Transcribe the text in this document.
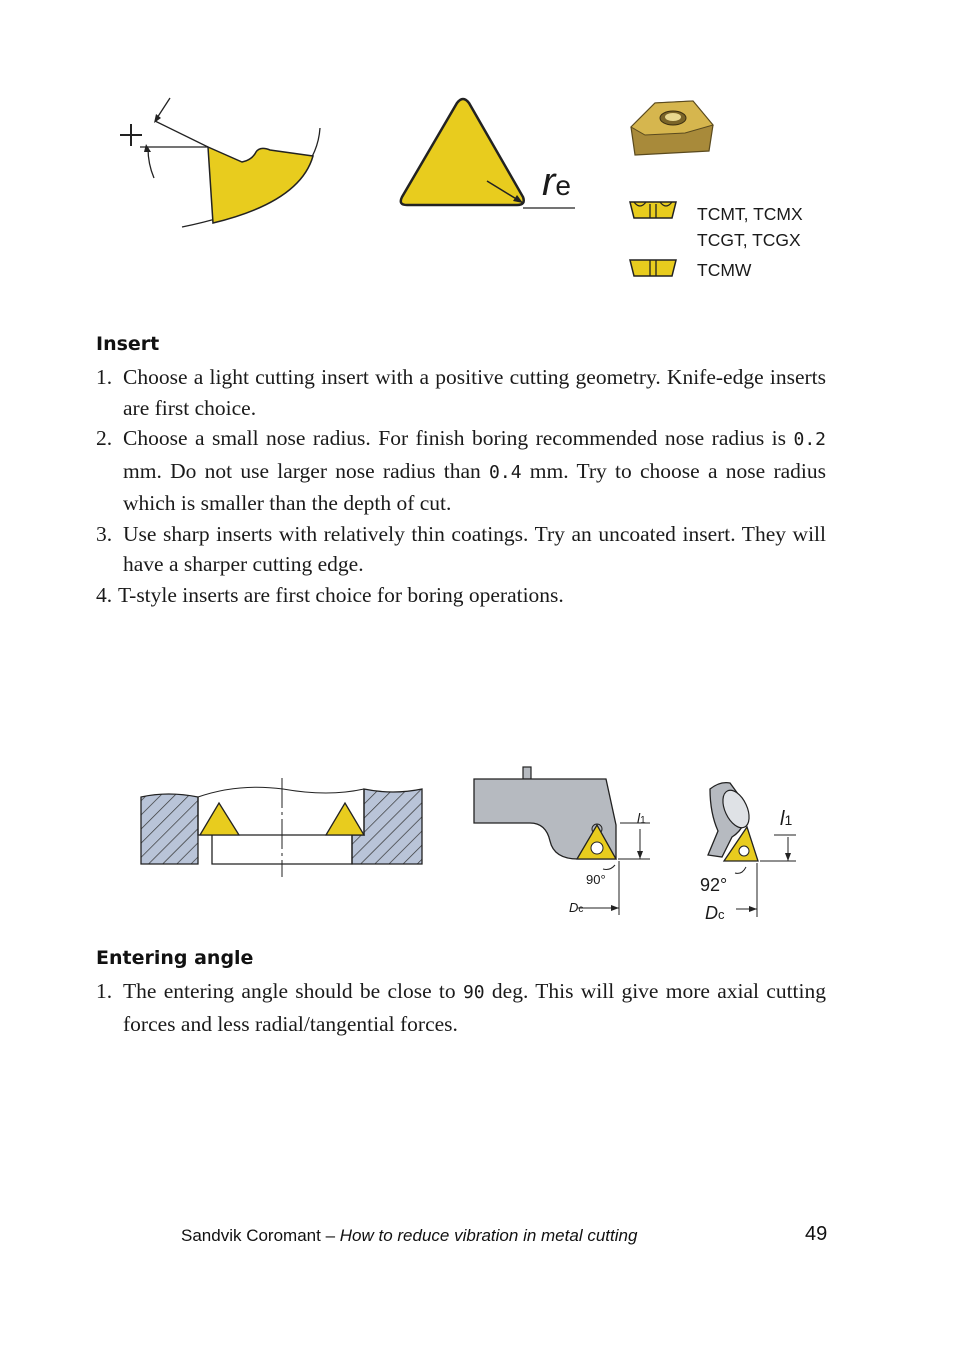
re
TCMT, TCMX
TCGT, TCGX
TCMW
Insert
1. Choose a light cutting insert with a positive cutting geometry. Knife-edge inserts are first choice.
2. Choose a small nose radius. For finish boring recommended nose radius is 0.2 mm. Do not use larger nose radius than 0.4 mm. Try to choose a nose radius which is smaller than the depth of cut.
3. Use sharp inserts with relatively thin coatings. Try an uncoated insert. They will have a sharper cutting edge.
4. T-style inserts are first choice for boring operations.
l1
90°
Dc
l1
92°
Dc
Entering angle
1. The entering angle should be close to 90 deg. This will give more axial cutting forces and less radial/tangential forces.
Sandvik Coromant – How to reduce vibration in metal cutting	49
